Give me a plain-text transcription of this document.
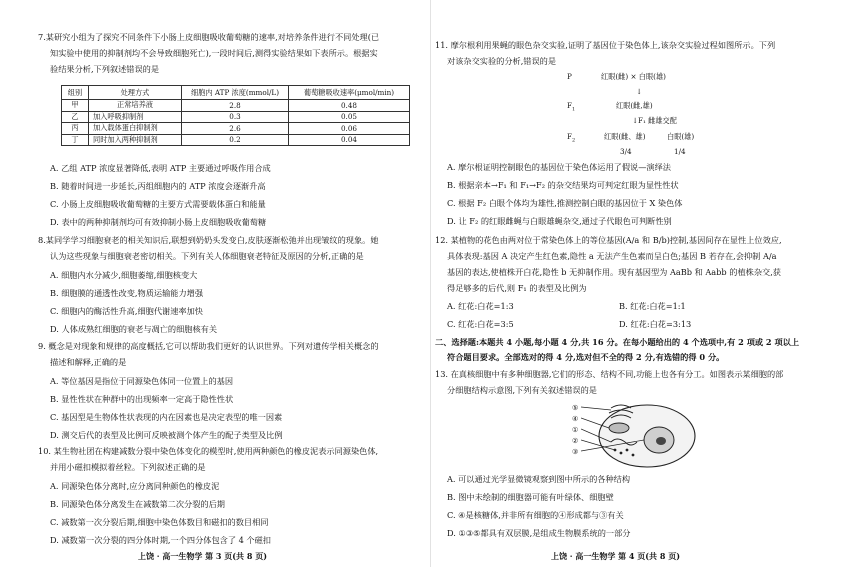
7.某研究小组为了探究不同条件下小肠上皮细胞吸收葡萄糖的速率,对培养条件进行不同处理(已
知实验中使用的抑制剂均不会导致细胞死亡),一段时间后,测得实验结果如下表所示。根据实
验结果分析,下列叙述错误的是
组别	处理方式	细胞内 ATP 浓度(mmol/L)	葡萄糖吸收速率(μmol/min)
甲	正常培养液	2.8	0.48
乙	加入呼吸抑制剂	0.3	0.05
丙	加入载体蛋白抑制剂	2.6	0.06
丁	同时加入两种抑制剂	0.2	0.04
A. 乙组 ATP 浓度显著降低,表明 ATP 主要通过呼吸作用合成
B. 随着时间进一步延长,丙组细胞内的 ATP 浓度会逐渐升高
C. 小肠上皮细胞吸收葡萄糖的主要方式需要载体蛋白和能量
D. 表中的两种抑制剂均可有效抑制小肠上皮细胞吸收葡萄糖
8.某同学学习细胞衰老的相关知识后,联想到奶奶头发变白,皮肤逐渐松弛并出现皱纹的现象。她
认为这些现象与细胞衰老密切相关。下列有关人体细胞衰老特征及原因的分析,正确的是
A. 细胞内水分减少,细胞萎缩,细胞核变大
B. 细胞膜的通透性改变,物质运输能力增强
C. 细胞内的酶活性升高,细胞代谢速率加快
D. 人体成熟红细胞的衰老与凋亡的细胞核有关
9. 概念是对现象和规律的高度概括,它可以帮助我们更好的认识世界。下列对遗传学相关概念的
描述和解释,正确的是
A. 等位基因是指位于同源染色体同一位置上的基因
B. 显性性状在种群中的出现频率一定高于隐性性状
C. 基因型是生物体性状表现的内在因素也是决定表型的唯一因素
D. 测交后代的表型及比例可反映被测个体产生的配子类型及比例
10. 某生物社团在构建减数分裂中染色体变化的模型时,使用两种颜色的橡皮泥表示同源染色体,
并用小磁扣模拟着丝粒。下列叙述正确的是
A. 同源染色体分离时,应分离同种颜色的橡皮泥
B. 同源染色体分离发生在减数第二次分裂的后期
C. 减数第一次分裂后期,细胞中染色体数目和磁扣的数目相同
D. 减数第一次分裂的四分体时期,一个四分体包含了 4 个磁扣
上饶 · 高一生物学 第 3 页(共 8 页)
11. 摩尔根利用果蝇的眼色杂交实验,证明了基因位于染色体上,该杂交实验过程如图所示。下列
对该杂交实验的分析,错误的是
P	红眼(雌) × 白眼(雄)
↓
$F_1$	红眼(雌,雄)
↓F₁ 雌雄交配
$F_2$	红眼(雌、雄)	白眼(雄)
3/4	1/4
A. 摩尔根证明控制眼色的基因位于染色体运用了假说—演绎法
B. 根据亲本→F₁ 和 F₁→F₂ 的杂交结果均可判定红眼为显性性状
C. 根据 F₂ 白眼个体均为雄性,推测控制白眼的基因位于 X 染色体
D. 让 F₂ 的红眼雌蝇与白眼雄蝇杂交,通过子代眼色可判断性别
12. 某植物的花色由两对位于常染色体上的等位基因(A/a 和 B/b)控制,基因间存在显性上位效应,
具体表现:基因 A 决定产生红色素,隐性 a 无法产生色素而呈白色;基因 B 若存在,会抑制 A/a
基因的表达,使植株开白花,隐性 b 无抑制作用。现有基因型为 AaBb 和 Aabb 的植株杂交,获
得足够多的后代,则 F₁ 的表型及比例为
A. 红花:白花=1:3	B. 红花:白花=1:1
C. 红花:白花=3:5	D. 红花:白花=3:13
二、选择题:本题共 4 小题,每小题 4 分,共 16 分。在每小题给出的 4 个选项中,有 2 项或 2 项以上
符合题目要求。全部选对的得 4 分,选对但不全的得 2 分,有选错的得 0 分。
13. 在真核细胞中有多种细胞器,它们的形态、结构不同,功能上也各有分工。如图表示某细胞的部
分细胞结构示意图,下列有关叙述错误的是
⑤
④
①
②
③
A. 可以通过光学显微镜观察到图中所示的各种结构
B. 图中未绘制的细胞器可能有叶绿体、细胞壁
C. ④是核糖体,并非所有细胞的④形成都与③有关
D. ①③⑤都具有双层膜,是组成生物膜系统的一部分
上饶 · 高一生物学 第 4 页(共 8 页)
